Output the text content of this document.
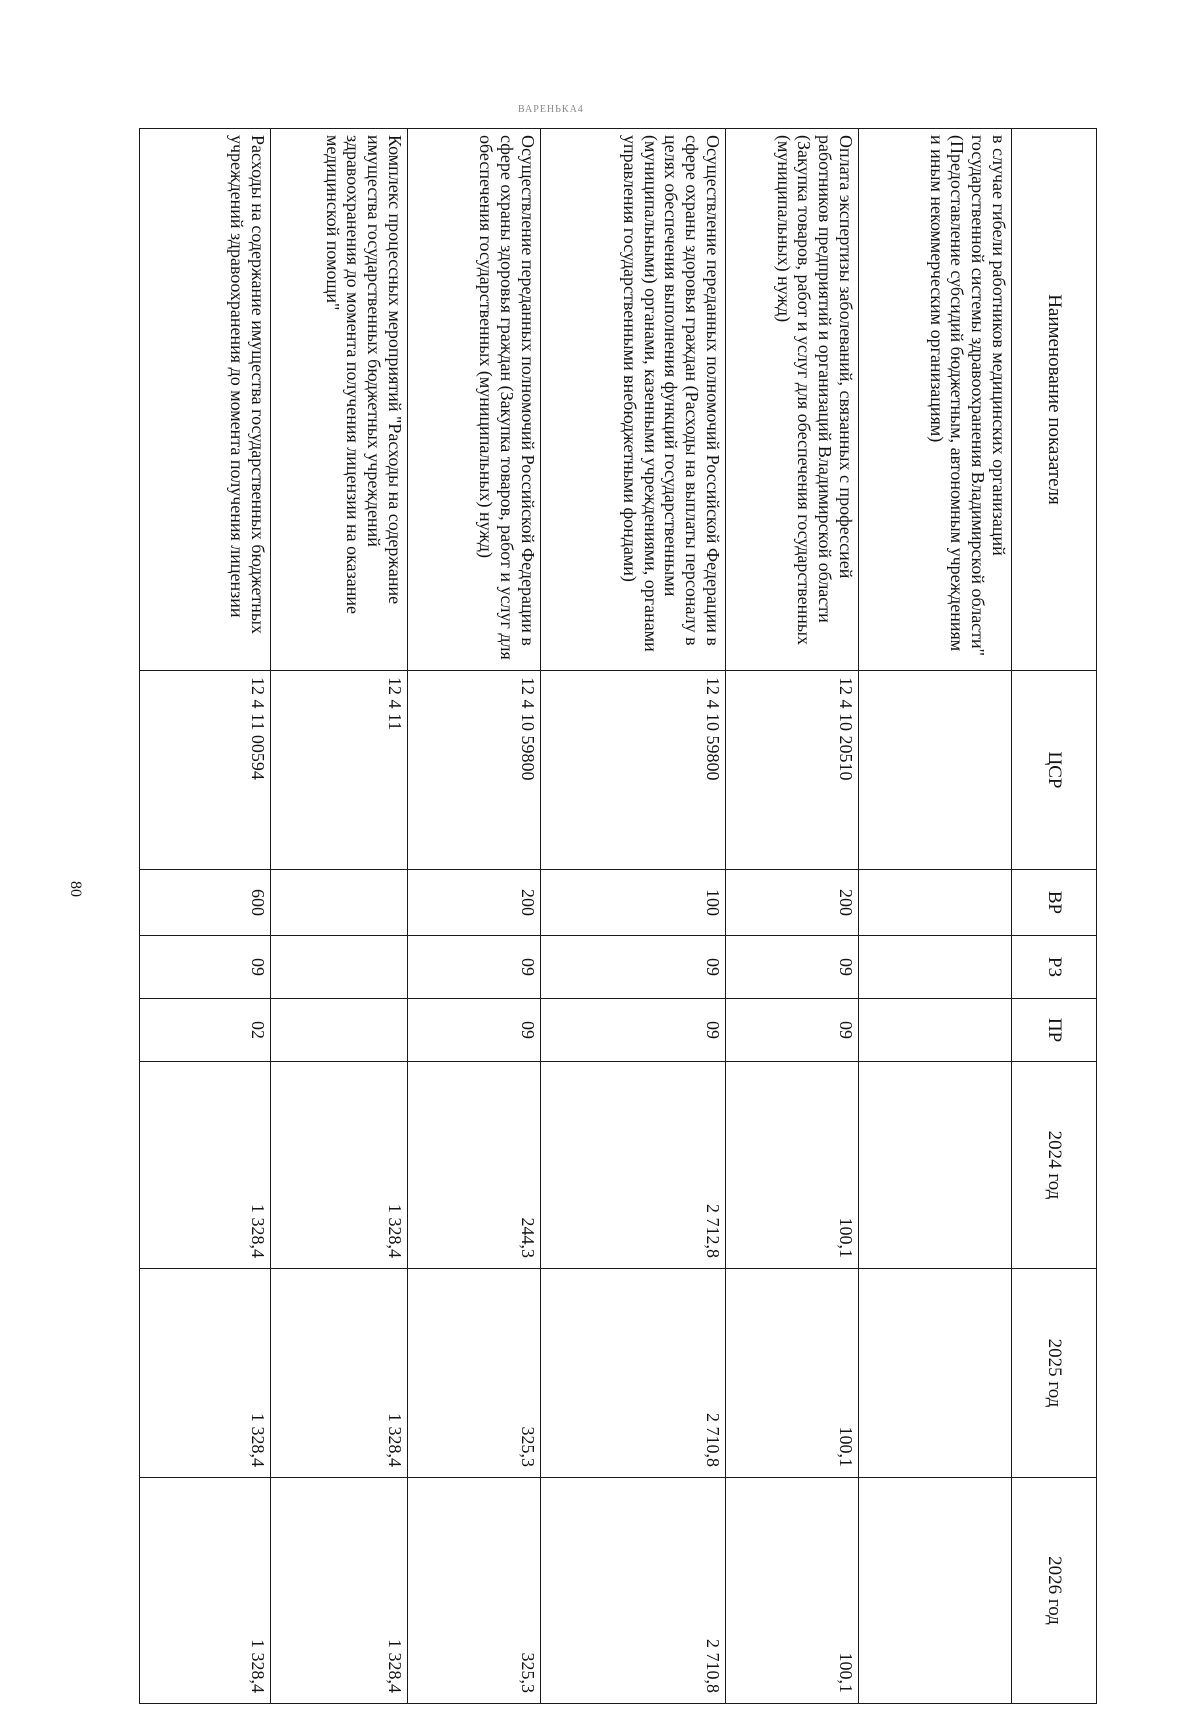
80
ВАРЕНЬКА4
Наименование показателя	ЦСР	ВР	РЗ	ПР	2024 год	2025 год	2026 год
в случае гибели работников медицинских организаций государственной системы здравоохранения Владимирской области" (Предоставление субсидий бюджетным, автономным учреждениям и иным некоммерческим организациям)							
Оплата экспертизы заболеваний, связанных с профессией работников предприятий и организаций Владимирской области (Закупка товаров, работ и услуг для обеспечения государственных (муниципальных) нужд)	12 4 10 20510	200	09	09	100,1	100,1	100,1
Осуществление переданных полномочий Российской Федерации в сфере охраны здоровья граждан (Расходы на выплаты персоналу в целях обеспечения выполнения функций государственными (муниципальными) органами, казенными учреждениями, органами управления государственными внебюджетными фондами)	12 4 10 59800	100	09	09	2 712,8	2 710,8	2 710,8
Осуществление переданных полномочий Российской Федерации в сфере охраны здоровья граждан (Закупка товаров, работ и услуг для обеспечения государственных (муниципальных) нужд)	12 4 10 59800	200	09	09	244,3	325,3	325,3
Комплекс процессных мероприятий "Расходы на содержание имущества государственных бюджетных учреждений здравоохранения до момента получения лицензии на оказание медицинской помощи"	12 4 11				1 328,4	1 328,4	1 328,4
Расходы на содержание имущества государственных бюджетных учреждений здравоохранения до момента получения лицензии	12 4 11 00594	600	09	02	1 328,4	1 328,4	1 328,4
